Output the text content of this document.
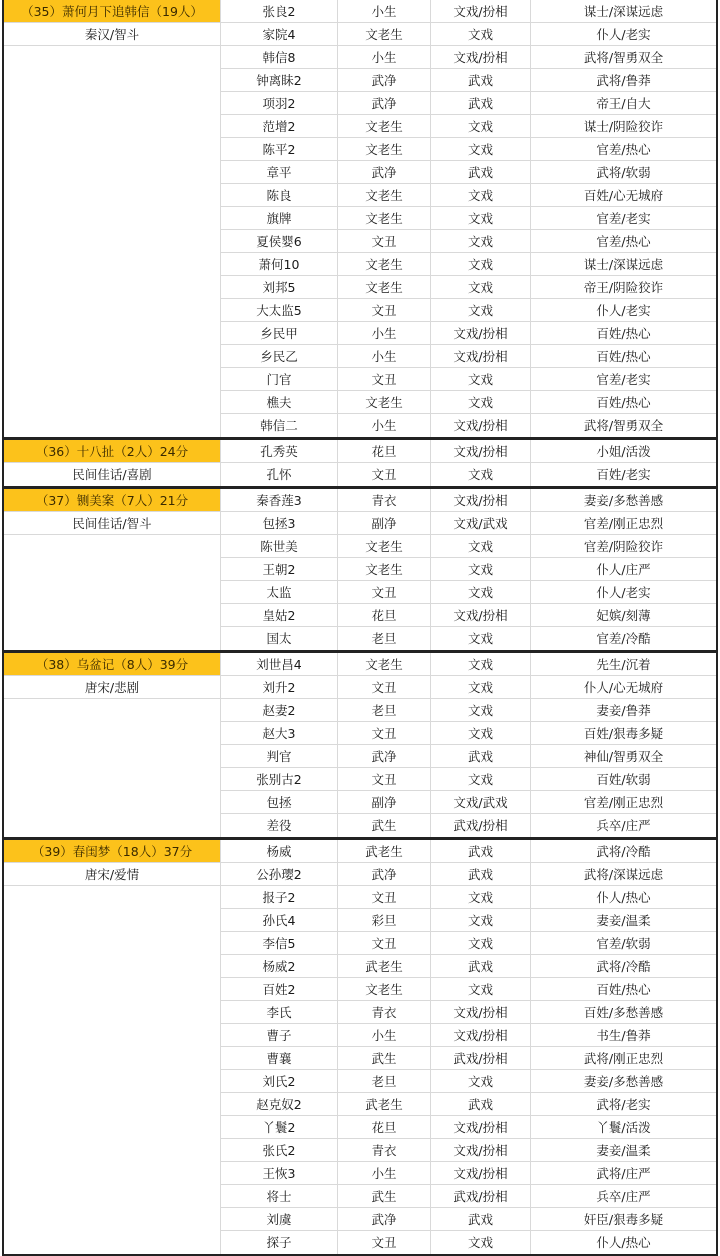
（35）萧何月下追韩信（19人）	张良2	小生	文戏/扮相	谋士/深谋远虑
秦汉/智斗	家院4	文老生	文戏	仆人/老实
韩信8	小生	文戏/扮相	武将/智勇双全
钟离眛2	武净	武戏	武将/鲁莽
项羽2	武净	武戏	帝王/自大
范增2	文老生	文戏	谋士/阴险狡诈
陈平2	文老生	文戏	官差/热心
章平	武净	武戏	武将/软弱
陈良	文老生	文戏	百姓/心无城府
旗牌	文老生	文戏	官差/老实
夏侯婴6	文丑	文戏	官差/热心
萧何10	文老生	文戏	谋士/深谋远虑
刘邦5	文老生	文戏	帝王/阴险狡诈
大太监5	文丑	文戏	仆人/老实
乡民甲	小生	文戏/扮相	百姓/热心
乡民乙	小生	文戏/扮相	百姓/热心
门官	文丑	文戏	官差/老实
樵夫	文老生	文戏	百姓/热心
韩信二	小生	文戏/扮相	武将/智勇双全
（36）十八扯（2人）24分	孔秀英	花旦	文戏/扮相	小姐/活泼
民间佳话/喜剧	孔怀	文丑	文戏	百姓/老实
（37）铡美案（7人）21分	秦香莲3	青衣	文戏/扮相	妻妾/多愁善感
民间佳话/智斗	包拯3	副净	文戏/武戏	官差/刚正忠烈
陈世美	文老生	文戏	官差/阴险狡诈
王朝2	文老生	文戏	仆人/庄严
太监	文丑	文戏	仆人/老实
皇姑2	花旦	文戏/扮相	妃嫔/刻薄
国太	老旦	文戏	官差/冷酷
（38）乌盆记（8人）39分	刘世昌4	文老生	文戏	先生/沉着
唐宋/悲剧	刘升2	文丑	文戏	仆人/心无城府
赵妻2	老旦	文戏	妻妾/鲁莽
赵大3	文丑	文戏	百姓/狠毒多疑
判官	武净	武戏	神仙/智勇双全
张别古2	文丑	文戏	百姓/软弱
包拯	副净	文戏/武戏	官差/刚正忠烈
差役	武生	武戏/扮相	兵卒/庄严
（39）春闺梦（18人）37分	杨威	武老生	武戏	武将/冷酷
唐宋/爱情	公孙璎2	武净	武戏	武将/深谋远虑
报子2	文丑	文戏	仆人/热心
孙氏4	彩旦	文戏	妻妾/温柔
李信5	文丑	文戏	官差/软弱
杨威2	武老生	武戏	武将/冷酷
百姓2	文老生	文戏	百姓/热心
李氏	青衣	文戏/扮相	百姓/多愁善感
曹子	小生	文戏/扮相	书生/鲁莽
曹襄	武生	武戏/扮相	武将/刚正忠烈
刘氏2	老旦	文戏	妻妾/多愁善感
赵克奴2	武老生	武戏	武将/老实
丫鬟2	花旦	文戏/扮相	丫鬟/活泼
张氏2	青衣	文戏/扮相	妻妾/温柔
王恢3	小生	文戏/扮相	武将/庄严
将士	武生	武戏/扮相	兵卒/庄严
刘虞	武净	武戏	奸臣/狠毒多疑
探子	文丑	文戏	仆人/热心
